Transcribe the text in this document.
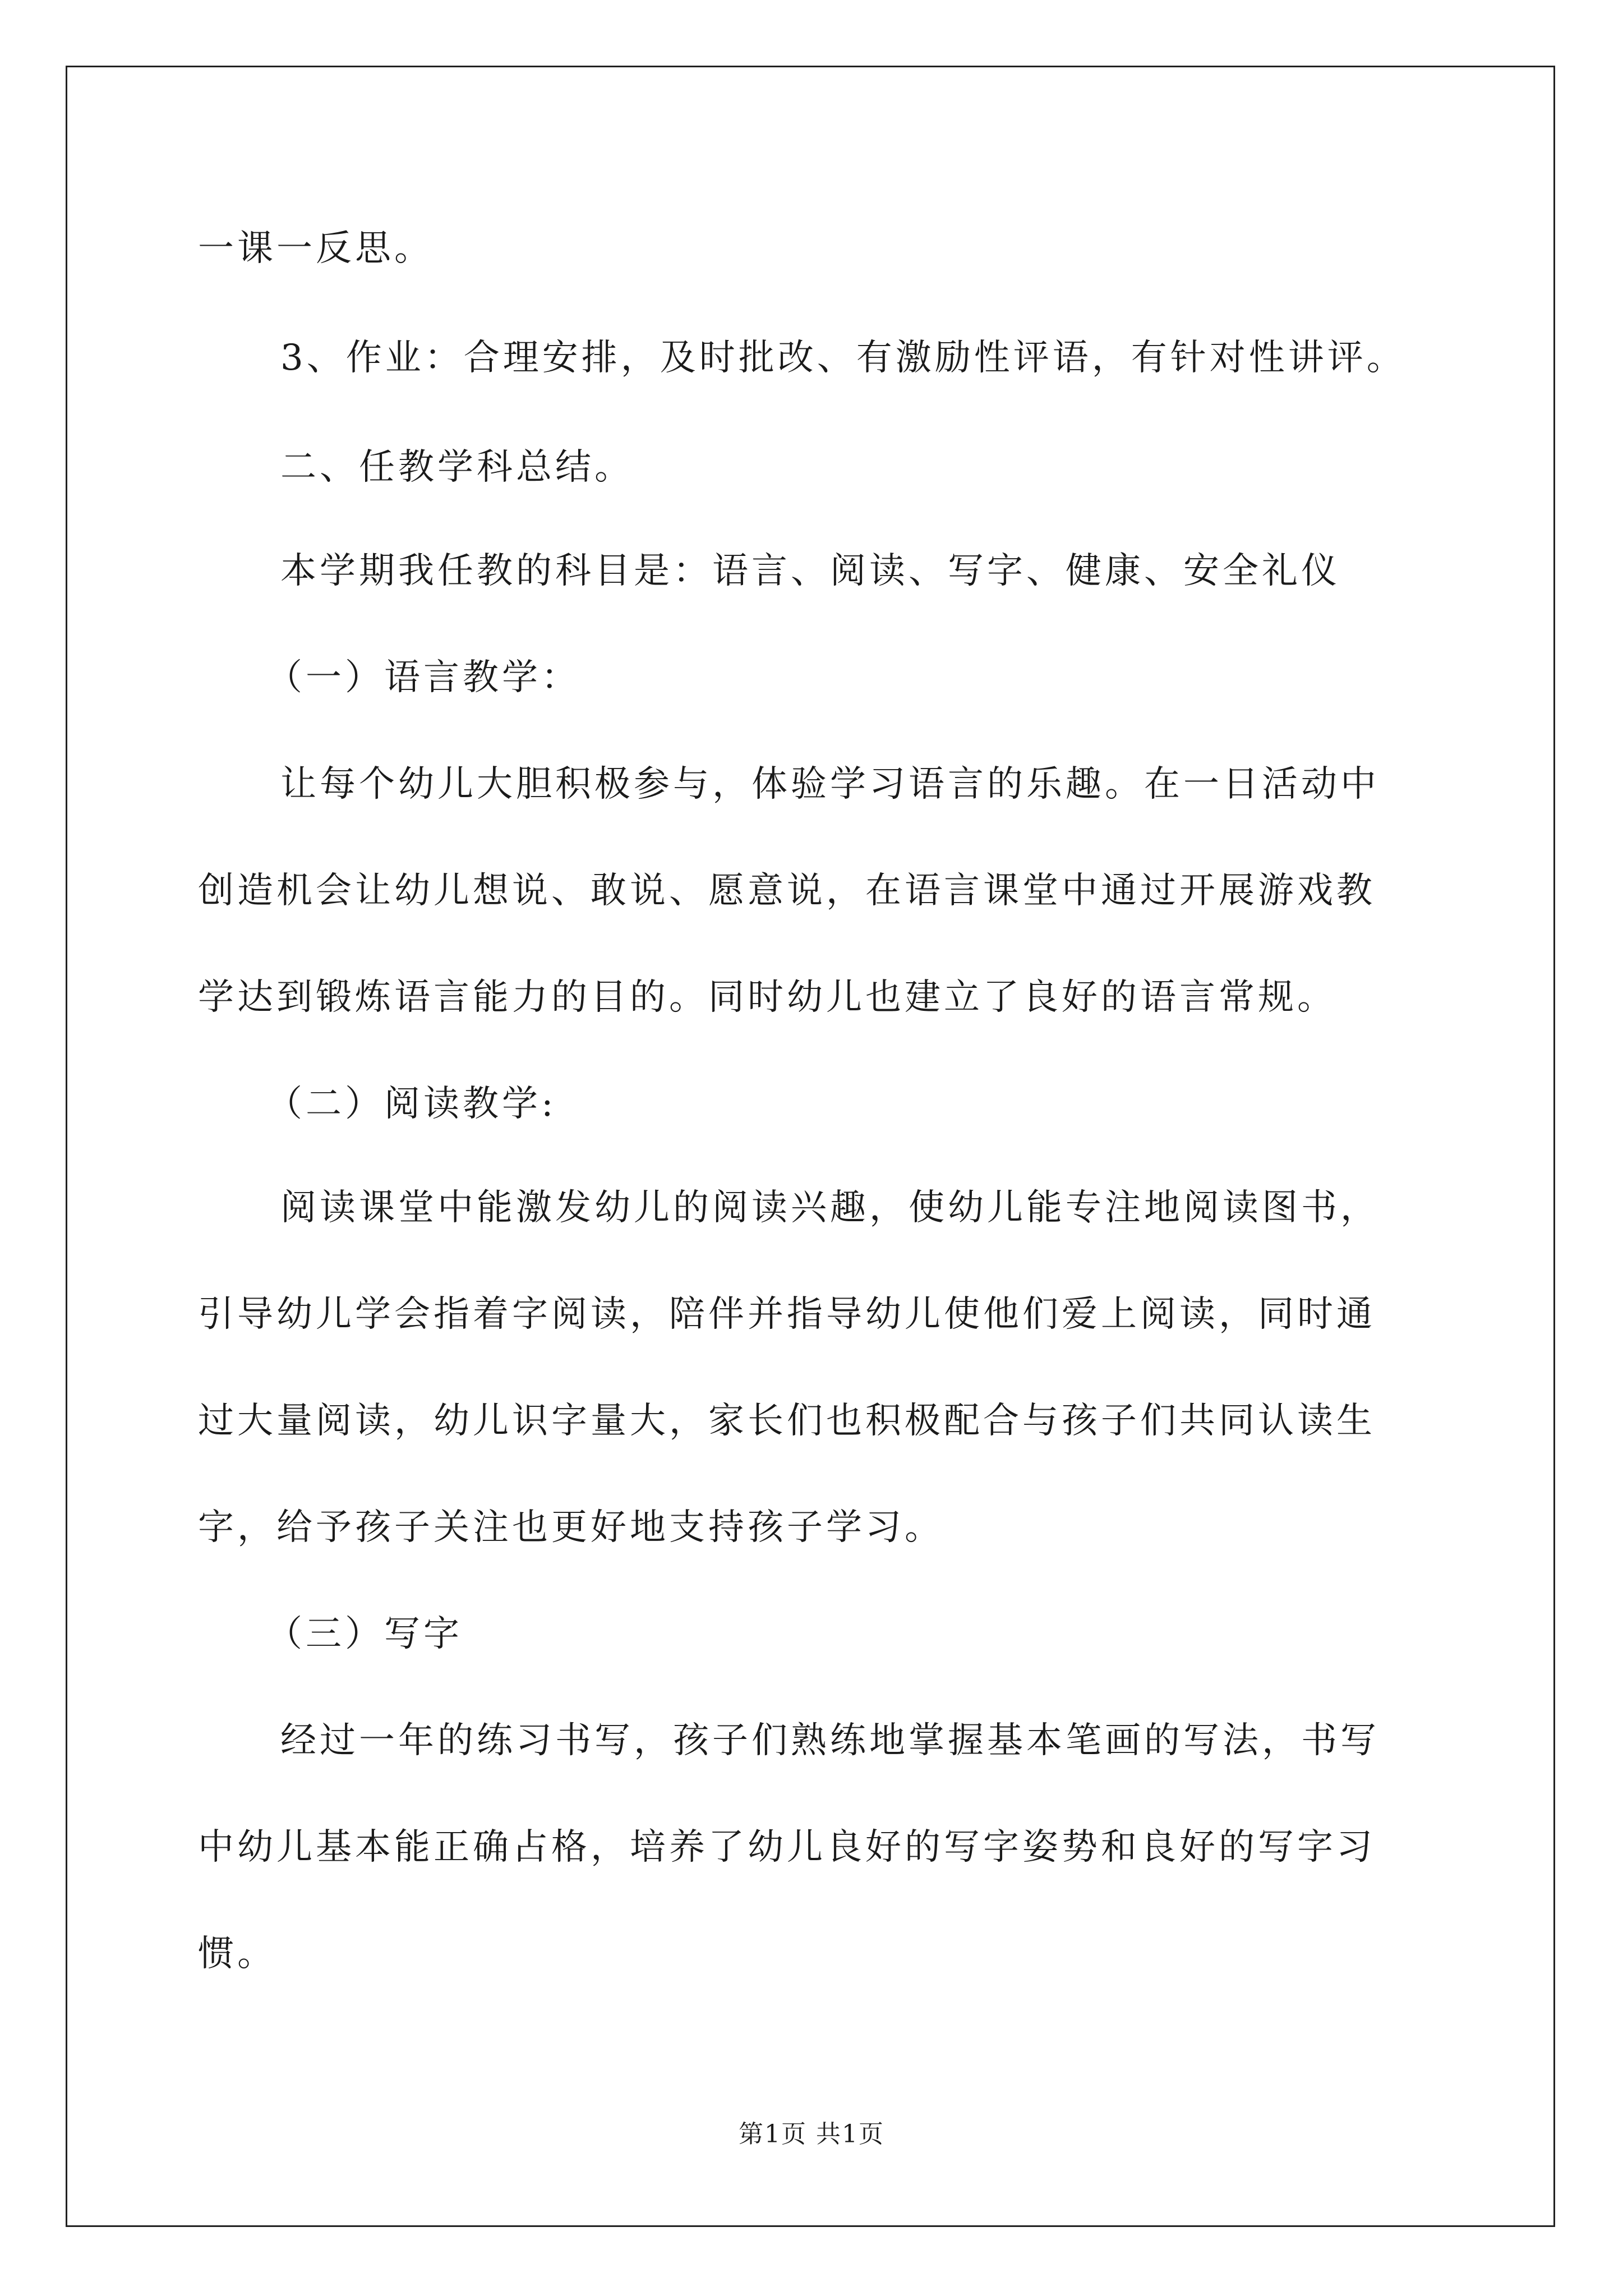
一课一反思。

3、作业：合理安排，及时批改、有激励性评语，有针对性讲评。

二、任教学科总结。

本学期我任教的科目是：语言、阅读、写字、健康、安全礼仪

（一）语言教学：

让每个幼儿大胆积极参与，体验学习语言的乐趣。在一日活动中

创造机会让幼儿想说、敢说、愿意说，在语言课堂中通过开展游戏教

学达到锻炼语言能力的目的。同时幼儿也建立了良好的语言常规。

（二）阅读教学:

阅读课堂中能激发幼儿的阅读兴趣，使幼儿能专注地阅读图书，

引导幼儿学会指着字阅读，陪伴并指导幼儿使他们爱上阅读，同时通

过大量阅读，幼儿识字量大，家长们也积极配合与孩子们共同认读生

字，给予孩子关注也更好地支持孩子学习。

（三）写字

经过一年的练习书写，孩子们熟练地掌握基本笔画的写法，书写

中幼儿基本能正确占格，培养了幼儿良好的写字姿势和良好的写字习

惯。

第1页 共1页
